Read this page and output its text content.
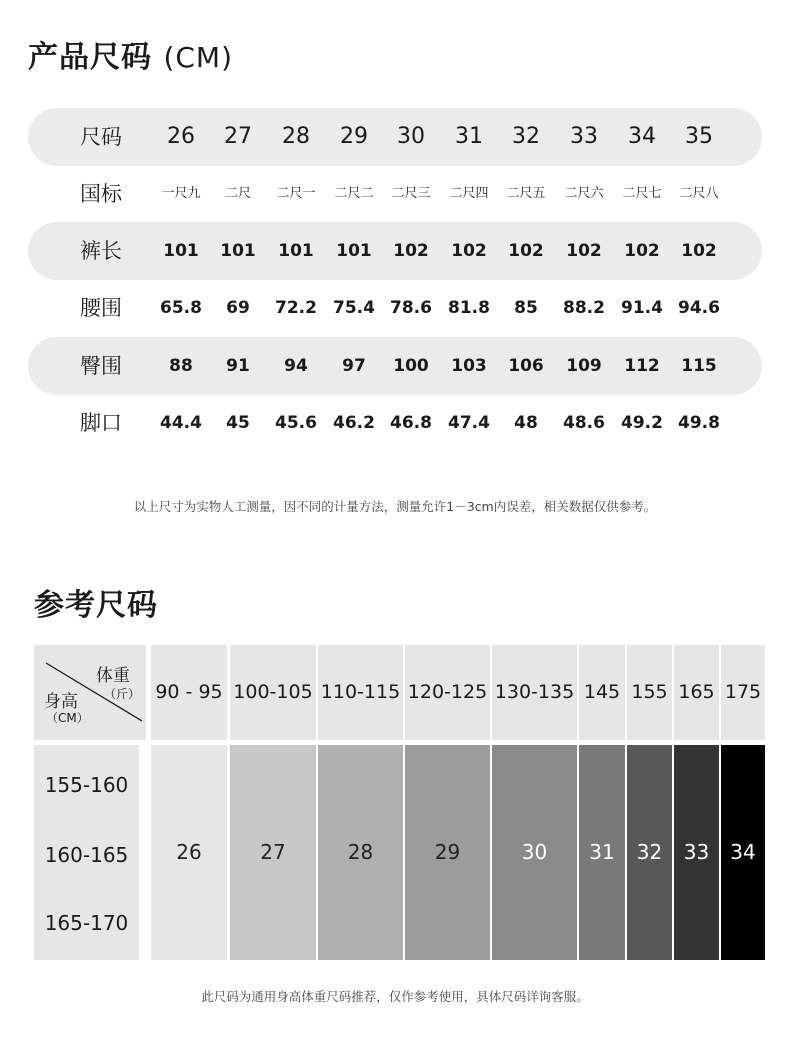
产品尺码 (CM)
尺码	26	27	28	29	30	31	32	33	34	35
国标	一尺九	二尺	二尺一	二尺二	二尺三	二尺四	二尺五	二尺六	二尺七	二尺八
裤长	101	101	101	101	102	102	102	102	102	102
腰围	65.8	69	72.2 75.4 78.6 81.8	85	88.2 91.4 94.6
臀围	88	91	94	97	100	103	106	109	112	115
脚口	44.4	45	45.6 46.2 46.8 47.4	48	48.6 49.2 49.8
以上尺寸为实物人工测量，因不同的计量方法，测量允许1－3cm内误差，相关数据仅供参考。
参考尺码
体重
（斤）
身高
（CM）
90 - 95 100-105 110-115 120-125 130-135 145 155 165 175
155-160
160-165
165-170
26	27	28	29	30	31	32	33	34
此尺码为通用身高体重尺码推荐，仅作参考使用，具体尺码详询客服。
